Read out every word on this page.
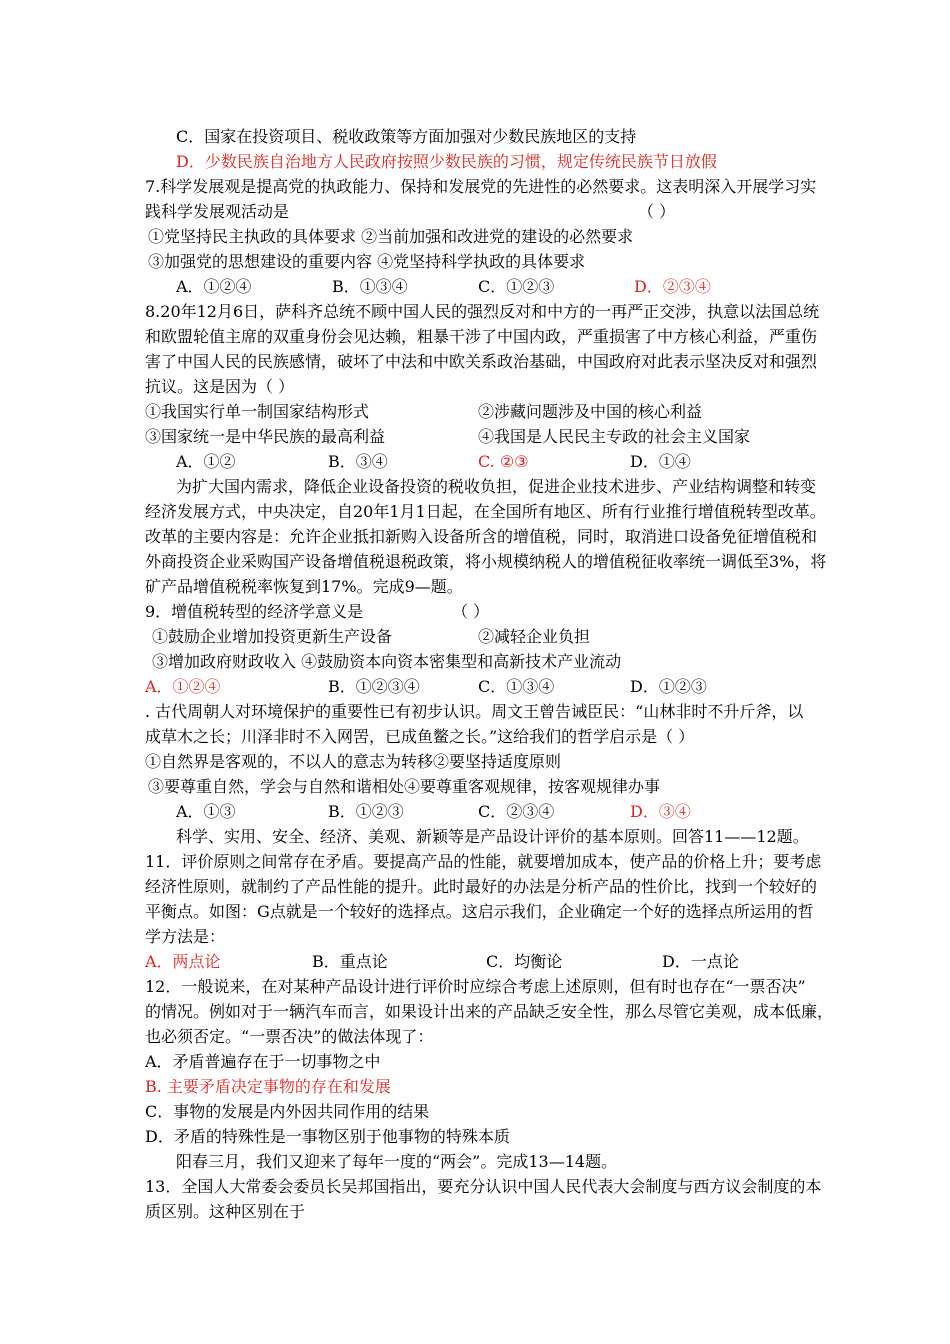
C．国家在投资项目、税收政策等方面加强对少数民族地区的支持
D．少数民族自治地方人民政府按照少数民族的习惯，规定传统民族节日放假
7.科学发展观是提高党的执政能力、保持和发展党的先进性的必然要求。这表明深入开展学习实
践科学发展观活动是	（ ）
①党坚持民主执政的具体要求 ②当前加强和改进党的建设的必然要求
③加强党的思想建设的重要内容 ④党坚持科学执政的具体要求
A．①②④	B．①③④	C．①②③	D．②③④
8.20年12月6日，萨科齐总统不顾中国人民的强烈反对和中方的一再严正交涉，执意以法国总统
和欧盟轮值主席的双重身份会见达赖，粗暴干涉了中国内政，严重损害了中方核心利益，严重伤
害了中国人民的民族感情，破坏了中法和中欧关系政治基础，中国政府对此表示坚决反对和强烈
抗议。这是因为（ ）
①我国实行单一制国家结构形式	②涉藏问题涉及中国的核心利益
③国家统一是中华民族的最高利益	④我国是人民民主专政的社会主义国家
A．①②	B．③④	C. ②③	D．①④
为扩大国内需求，降低企业设备投资的税收负担，促进企业技术进步、产业结构调整和转变
经济发展方式，中央决定，自20年1月1日起，在全国所有地区、所有行业推行增值税转型改革。
改革的主要内容是：允许企业抵扣新购入设备所含的增值税，同时，取消进口设备免征增值税和
外商投资企业采购国产设备增值税退税政策，将小规模纳税人的增值税征收率统一调低至3%，将
矿产品增值税税率恢复到17%。完成9—题。
9．增值税转型的经济学意义是	（ ）
①鼓励企业增加投资更新生产设备	②减轻企业负担
③增加政府财政收入 ④鼓励资本向资本密集型和高新技术产业流动
A．①②④	B．①②③④	C．①③④	D．①②③
. 古代周朝人对环境保护的重要性已有初步认识。周文王曾告诫臣民：“山林非时不升斤斧，以
成草木之长；川泽非时不入网罟，已成鱼鳖之长。”这给我们的哲学启示是（ ）
①自然界是客观的，不以人的意志为转移②要坚持适度原则
③要尊重自然，学会与自然和谐相处④要尊重客观规律，按客观规律办事
A．①③	B．①②③	C．②③④	D．③④
科学、实用、安全、经济、美观、新颖等是产品设计评价的基本原则。回答11——12题。
11．评价原则之间常存在矛盾。要提高产品的性能，就要增加成本，使产品的价格上升；要考虑
经济性原则，就制约了产品性能的提升。此时最好的办法是分析产品的性价比，找到一个较好的
平衡点。如图：G点就是一个较好的选择点。这启示我们，企业确定一个好的选择点所运用的哲
学方法是：
A．两点论	B．重点论	C．均衡论	D．一点论
12．一般说来，在对某种产品设计进行评价时应综合考虑上述原则，但有时也存在“一票否决”
的情况。例如对于一辆汽车而言，如果设计出来的产品缺乏安全性，那么尽管它美观，成本低廉，
也必须否定。“一票否决”的做法体现了：
A．矛盾普遍存在于一切事物之中
B. 主要矛盾决定事物的存在和发展
C．事物的发展是内外因共同作用的结果
D．矛盾的特殊性是一事物区别于他事物的特殊本质
阳春三月，我们又迎来了每年一度的“两会”。完成13—14题。
13．全国人大常委会委员长吴邦国指出，要充分认识中国人民代表大会制度与西方议会制度的本
质区别。这种区别在于
